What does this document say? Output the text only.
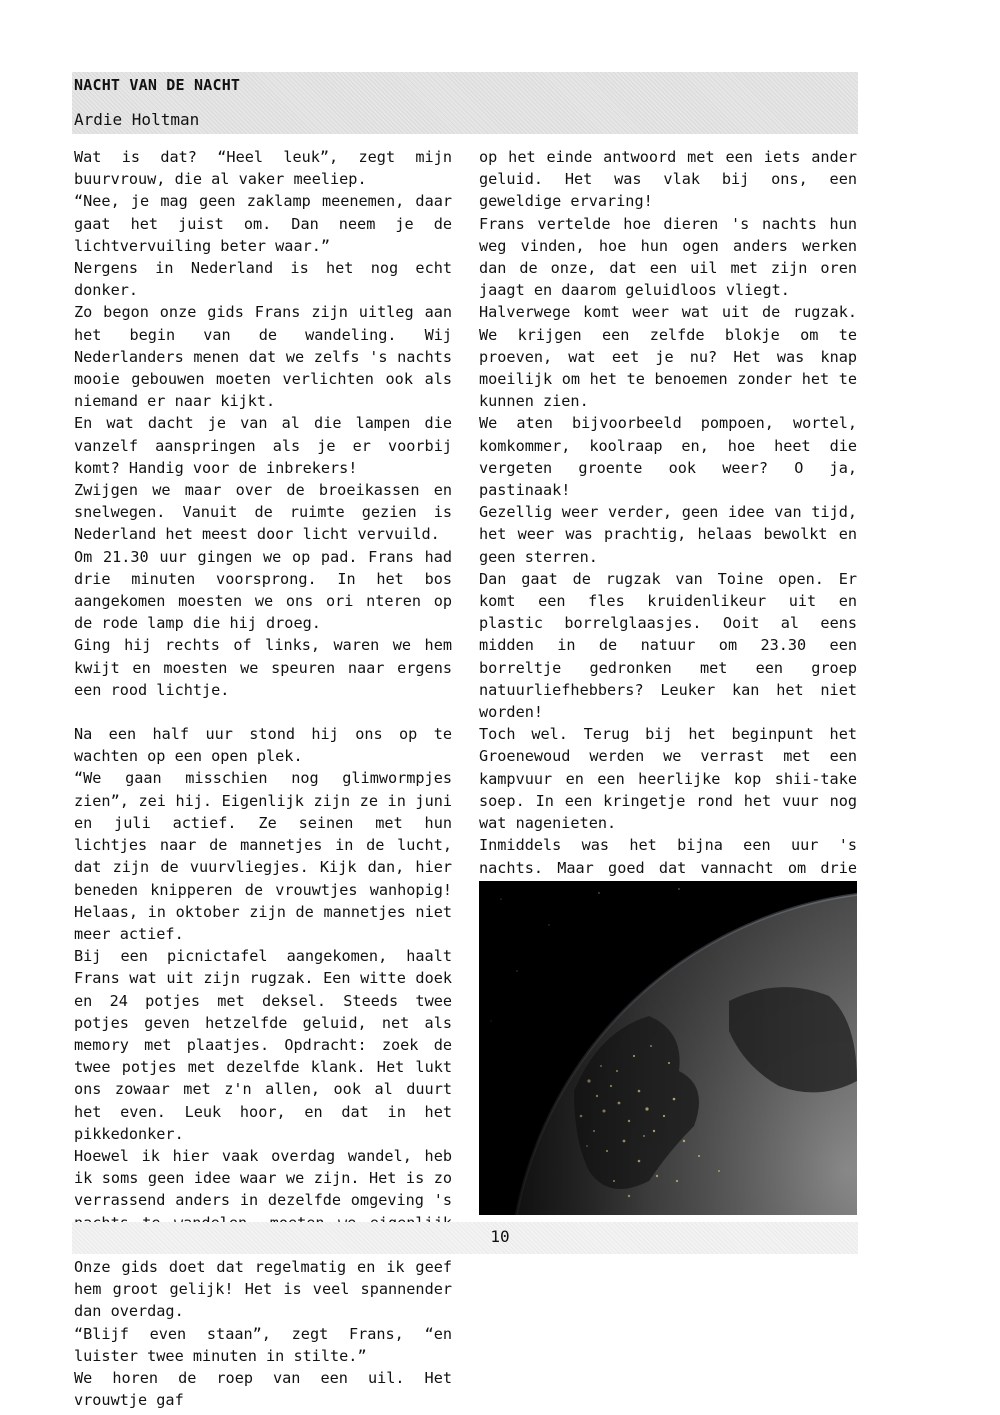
NACHT VAN DE NACHT
Ardie Holtman

Wat is dat? “Heel leuk”, zegt mijn buurvrouw, die al vaker meeliep.

“Nee, je mag geen zaklamp meenemen, daar gaat het juist om. Dan neem je de lichtvervuiling beter waar.”

Nergens in Nederland is het nog echt donker.

Zo begon onze gids Frans zijn uitleg aan het begin van de wandeling. Wij Nederlanders menen dat we zelfs 's nachts mooie gebouwen moeten verlichten ook als niemand er naar kijkt.

En wat dacht je van al die lampen die vanzelf aanspringen als je er voorbij komt? Handig voor de inbrekers!

Zwijgen we maar over de broeikassen en snelwegen. Vanuit de ruimte gezien is Nederland het meest door licht vervuild.

Om 21.30 uur gingen we op pad. Frans had drie minuten voorsprong. In het bos aangekomen moesten we ons ori nteren op de rode lamp die hij droeg.

Ging hij rechts of links, waren we hem kwijt en moesten we speuren naar ergens een rood lichtje.

Na een half uur stond hij ons op te wachten op een open plek.

“We gaan misschien nog glimwormpjes zien”, zei hij. Eigenlijk zijn ze in juni en juli actief. Ze seinen met hun lichtjes naar de mannetjes in de lucht, dat zijn de vuurvliegjes. Kijk dan, hier beneden knipperen de vrouwtjes wanhopig! Helaas, in oktober zijn de mannetjes niet meer actief.

Bij een picnictafel aangekomen, haalt Frans wat uit zijn rugzak. Een witte doek en 24 potjes met deksel. Steeds twee potjes geven hetzelfde geluid, net als memory met plaatjes. Opdracht: zoek de twee potjes met dezelfde klank. Het lukt ons zowaar met z'n allen, ook al duurt het even. Leuk hoor, en dat in het pikkedonker.

Hoewel ik hier vaak overdag wandel, heb ik soms geen idee waar we zijn. Het is zo verrassend anders in dezelfde omgeving 's

Onze gids doet dat regelmatig en ik geef hem groot gelijk! Het is veel spannender dan overdag.

“Blijf even staan”, zegt Frans, “en luister twee minuten in stilte.”

We horen de roep van een uil. Het vrouwtje gaf

op het einde antwoord met een iets ander geluid. Het was vlak bij ons, een geweldige ervaring!

Frans vertelde hoe dieren 's nachts hun weg vinden, hoe hun ogen anders werken dan de onze, dat een uil met zijn oren jaagt en daarom geluidloos vliegt.

Halverwege komt weer wat uit de rugzak. We krijgen een zelfde blokje om te proeven, wat eet je nu? Het was knap moeilijk om het te benoemen zonder het te kunnen zien.

We aten bijvoorbeeld pompoen, wortel, komkommer, koolraap en, hoe heet die vergeten groente ook weer? O ja, pastinaak!

Gezellig weer verder, geen idee van tijd, het weer was prachtig, helaas bewolkt en geen sterren.

Dan gaat de rugzak van Toine open. Er komt een fles kruidenlikeur uit en plastic borrelglaasjes. Ooit al eens midden in de natuur om 23.30 een borreltje gedronken met een groep natuurliefhebbers? Leuker kan het niet worden!

Toch wel. Terug bij het beginpunt het Groenewoud werden we verrast met een kampvuur en een heerlijke kop shii-take soep. In een kringetje rond het vuur nog wat nagenieten.

Inmiddels was het bijna een uur 's nachts. Maar goed dat vannacht om drie

10
